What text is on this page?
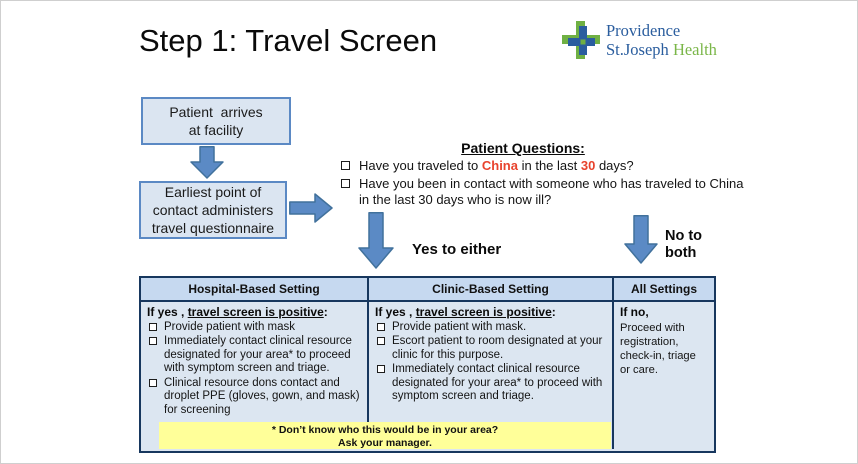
Step 1: Travel Screen	Providence
St.Joseph Health
Patient  arrives
at facility
Earliest point of contact administers travel questionnaire
Patient Questions:
Have you traveled to China in the last 30 days?
Have you been in contact with someone who has traveled to China
in the last 30 days who is now ill?
Yes to either
No to
both
Hospital-Based Setting	Clinic-Based Setting	All Settings
If yes , travel screen is positive:
Provide patient with mask
Immediately contact clinical resource designated for your area* to proceed with symptom screen and triage.
Clinical resource dons contact and droplet PPE (gloves, gown, and mask) for screening
If yes , travel screen is positive:
Provide patient with mask.
Escort patient to room designated at your clinic for this purpose.
Immediately contact clinical resource designated for your area* to proceed with symptom screen and triage.
If no,
Proceed with registration, check-in, triage or care.
* Don’t know who this would be in your area?
Ask your manager.
